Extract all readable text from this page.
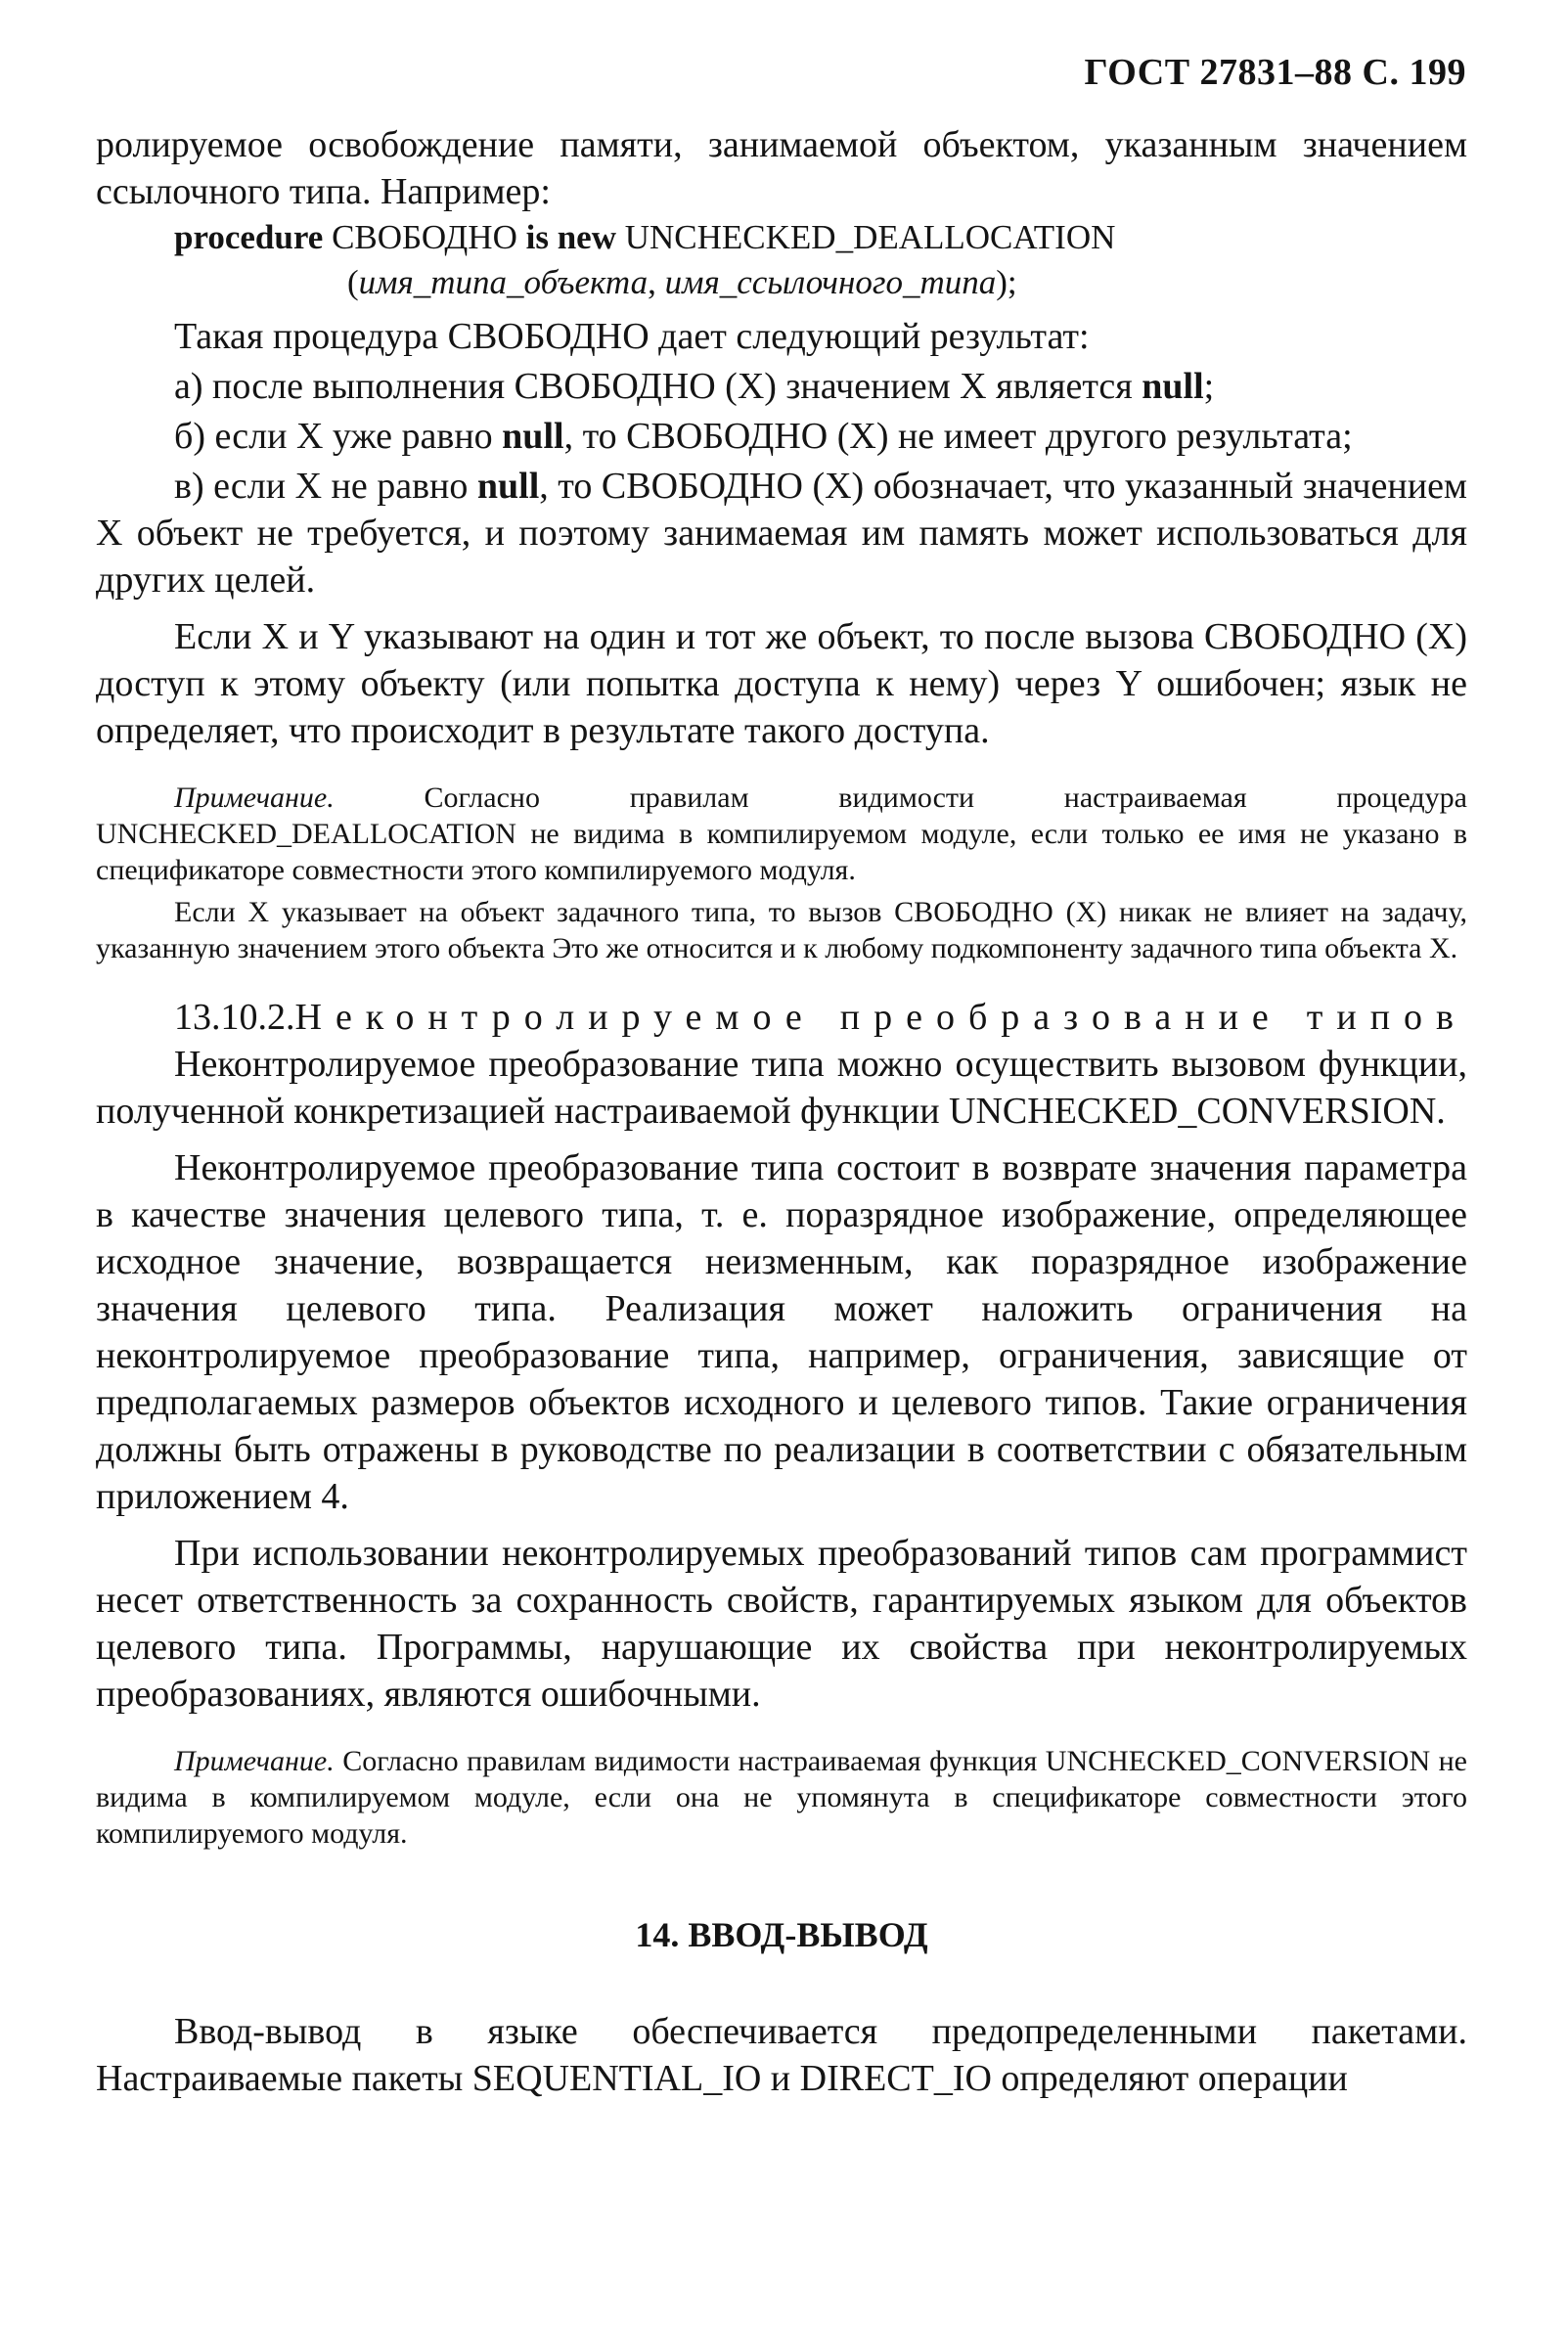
ГОСТ 27831–88 С. 199

ролируемое освобождение памяти, занимаемой объектом, указанным значением ссылочного типа. Например:

procedure СВОБОДНО is new UNCHECKED_DEALLOCATION
(имя_типа_объекта, имя_ссылочного_типа);

Такая процедура СВОБОДНО дает следующий результат:

а) после выполнения СВОБОДНО (X) значением X является null;

б) если X уже равно null, то СВОБОДНО (X) не имеет другого результата;

в) если X не равно null, то СВОБОДНО (X) обозначает, что указанный значением X объект не требуется, и поэтому занимаемая им память может использоваться для других целей.

Если X и Y указывают на один и тот же объект, то после вызова СВОБОДНО (X) доступ к этому объекту (или попытка доступа к нему) через Y ошибочен; язык не определяет, что происходит в результате такого доступа.

Примечание. Согласно правилам видимости настраиваемая процедура UNCHECKED_DEALLOCATION не видима в компилируемом модуле, если только ее имя не указано в спецификаторе совместности этого компилируемого модуля.

Если X указывает на объект задачного типа, то вызов СВОБОДНО (X) никак не влияет на задачу, указанную значением этого объекта Это же относится и к любому подкомпоненту задачного типа объекта X.

13.10.2.Неконтролируемое преобразование типов

Неконтролируемое преобразование типа можно осуществить вызовом функции, полученной конкретизацией настраиваемой функции UNCHECKED_CONVERSION.

Неконтролируемое преобразование типа состоит в возврате значения параметра в качестве значения целевого типа, т. е. поразрядное изображение, определяющее исходное значение, возвращается неизменным, как поразрядное изображение значения целевого типа. Реализация может наложить ограничения на неконтролируемое преобразование типа, например, ограничения, зависящие от предполагаемых размеров объектов исходного и целевого типов. Такие ограничения должны быть отражены в руководстве по реализации в соответствии с обязательным приложением 4.

При использовании неконтролируемых преобразований типов сам программист несет ответственность за сохранность свойств, гарантируемых языком для объектов целевого типа. Программы, нарушающие их свойства при неконтролируемых преобразованиях, являются ошибочными.

Примечание. Согласно правилам видимости настраиваемая функция UNCHECKED_CONVERSION не видима в компилируемом модуле, если она не упомянута в спецификаторе совместности этого компилируемого модуля.

14. ВВОД-ВЫВОД

Ввод-вывод в языке обеспечивается предопределенными пакетами. Настраиваемые пакеты SEQUENTIAL_IO и DIRECT_IO определяют операции
